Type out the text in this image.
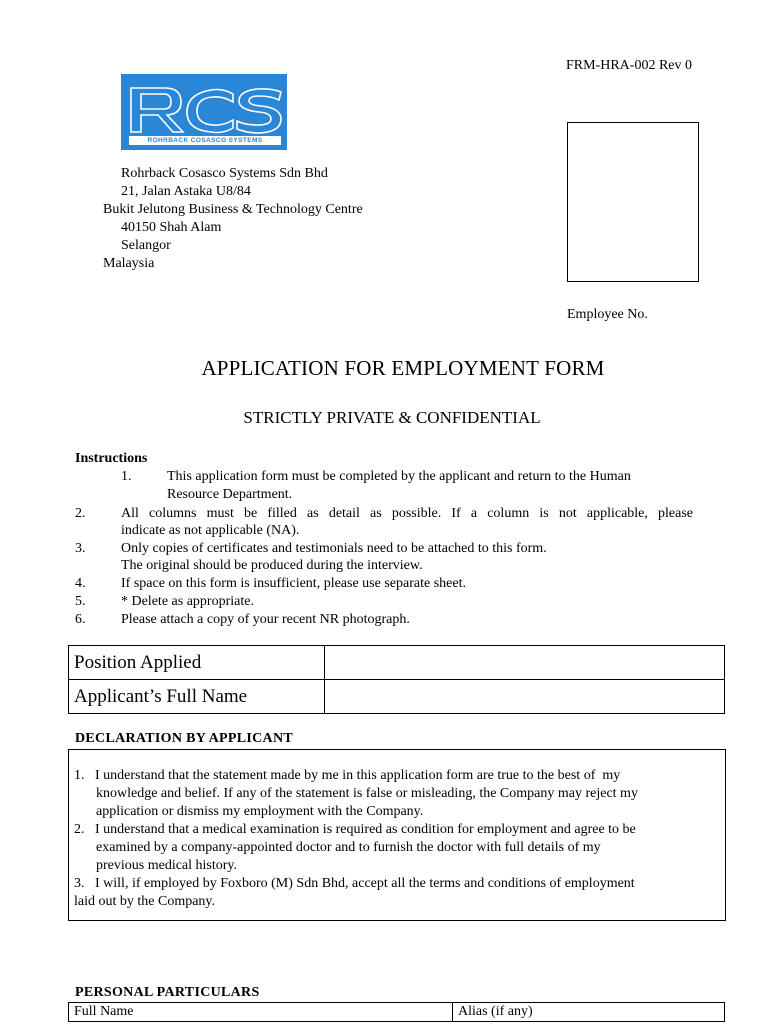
FRM-HRA-002 Rev 0
ROHRBACK COSASCO SYSTEMS
Rohrback Cosasco Systems Sdn Bhd
21, Jalan Astaka U8/84
Bukit Jelutong Business & Technology Centre
40150 Shah Alam
Selangor
Malaysia
Employee No.
APPLICATION FOR EMPLOYMENT FORM
STRICTLY PRIVATE & CONFIDENTIAL
Instructions
1.	This application form must be completed by the applicant and return to the Human
Resource Department.
2.	All columns must be filled as detail as possible. If a column is not applicable, please
indicate as not applicable (NA).
3.	Only copies of certificates and testimonials need to be attached to this form.
The original should be produced during the interview.
4.	If space on this form is insufficient, please use separate sheet.
5.	* Delete as appropriate.
6.	Please attach a copy of your recent NR photograph.
Position Applied	
Applicant’s Full Name	
DECLARATION BY APPLICANT
1.   I understand that the statement made by me in this application form are true to the best of  my
knowledge and belief. If any of the statement is false or misleading, the Company may reject my
application or dismiss my employment with the Company.
2.   I understand that a medical examination is required as condition for employment and agree to be
examined by a company-appointed doctor and to furnish the doctor with full details of my
previous medical history.
3.   I will, if employed by Foxboro (M) Sdn Bhd, accept all the terms and conditions of employment
laid out by the Company.
PERSONAL PARTICULARS
Full Name	Alias (if any)
